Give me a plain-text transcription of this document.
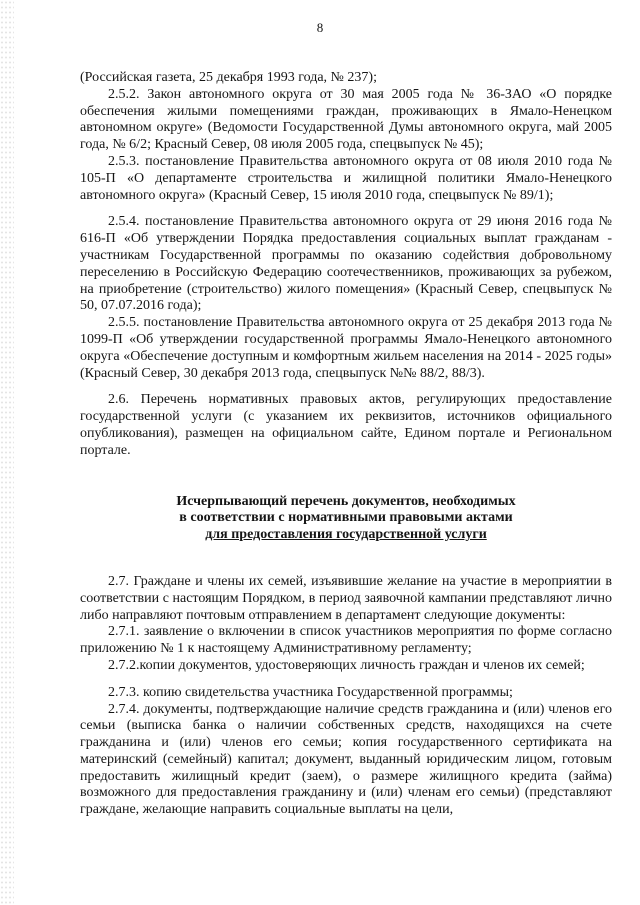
8

(Российская газета, 25 декабря 1993 года, № 237);

2.5.2. Закон автономного округа от 30 мая 2005 года № 36-ЗАО «О порядке обеспечения жилыми помещениями граждан, проживающих в Ямало-Ненецком автономном округе» (Ведомости Государственной Думы автономного округа, май 2005 года, № 6/2; Красный Север, 08 июля 2005 года, спецвыпуск № 45);

2.5.3. постановление Правительства автономного округа от 08 июля 2010 года № 105-П «О департаменте строительства и жилищной политики Ямало-Ненецкого автономного округа» (Красный Север, 15 июля 2010 года, спецвыпуск № 89/1);

2.5.4. постановление Правительства автономного округа от 29 июня 2016 года № 616-П «Об утверждении Порядка предоставления социальных выплат гражданам - участникам Государственной программы по оказанию содействия добровольному переселению в Российскую Федерацию соотечественников, проживающих за рубежом, на приобретение (строительство) жилого помещения» (Красный Север, спецвыпуск № 50, 07.07.2016 года);

2.5.5. постановление Правительства автономного округа от 25 декабря 2013 года № 1099-П «Об утверждении государственной программы Ямало-Ненецкого автономного округа «Обеспечение доступным и комфортным жильем населения на 2014 - 2025 годы» (Красный Север, 30 декабря 2013 года, спецвыпуск №№ 88/2, 88/3).

2.6. Перечень нормативных правовых актов, регулирующих предоставление государственной услуги (с указанием их реквизитов, источников официального опубликования), размещен на официальном сайте, Едином портале и Региональном портале.

Исчерпывающий перечень документов, необходимых
в соответствии с нормативными правовыми актами
для предоставления государственной услуги

2.7. Граждане и члены их семей, изъявившие желание на участие в мероприятии в соответствии с настоящим Порядком, в период заявочной кампании представляют лично либо направляют почтовым отправлением в департамент следующие документы:

2.7.1. заявление о включении в список участников мероприятия по форме согласно приложению № 1 к настоящему Административному регламенту;

2.7.2.копии документов, удостоверяющих личность граждан и членов их семей;

2.7.3. копию свидетельства участника Государственной программы;

2.7.4. документы, подтверждающие наличие средств гражданина и (или) членов его семьи (выписка банка о наличии собственных средств, находящихся на счете гражданина и (или) членов его семьи; копия государственного сертификата на материнский (семейный) капитал; документ, выданный юридическим лицом, готовым предоставить жилищный кредит (заем), о размере жилищного кредита (займа) возможного для предоставления гражданину и (или) членам его семьи) (представляют граждане, желающие направить социальные выплаты на цели,
